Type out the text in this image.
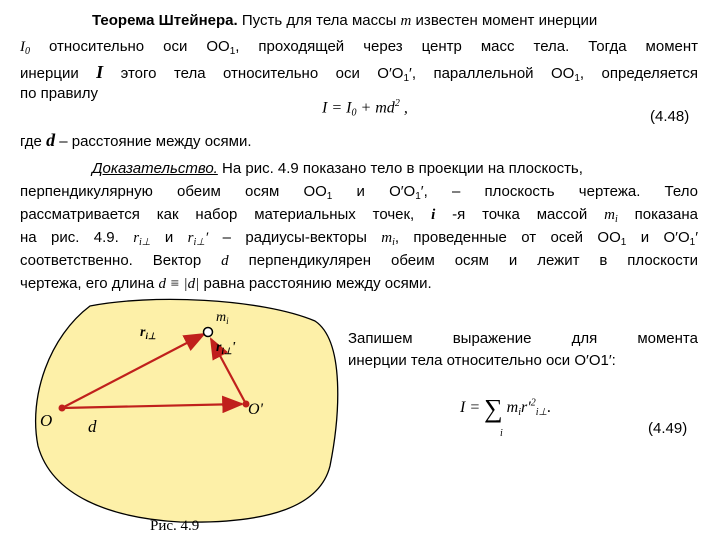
Теорема Штейнера. Пусть для тела массы m известен момент инерции
$I_0$ относительно оси $ОО_1$, проходящей через центр масс тела. Тогда момент
инерции I этого тела относительно оси $О'О_1'$, параллельной $ОО_1$, определяется
по правилу
$I = I_0 + md^2$ ,
(4.48)
где d – расстояние между осями.
Доказательство. На рис. 4.9 показано тело в проекции на плоскость,
перпендикулярную обеим осям $ОО_1$ и $О'О_1'$, – плоскость чертежа. Тело
рассматривается как набор материальных точек, i -я точка массой $m_i$ показана
на рис. 4.9. $r_{i\perp}$ и $r_{i\perp}'$ – радиусы-векторы $m_i$, проведенные от осей $ОО_1$ и $О'О_1'$
соответственно. Вектор d перпендикулярен обеим осям и лежит в плоскости
чертежа, его длина d ≡ |d| равна расстоянию между осями.
O
O'
$m_i$
$r_{i\perp}$
$r_{i\perp}'$
d
Рис. 4.9
Запишем	выражение	для	момента
инерции тела относительно оси О′О1′:
I = ∑ $m_ir'^2_{i\perp}$.
i	(4.49)
